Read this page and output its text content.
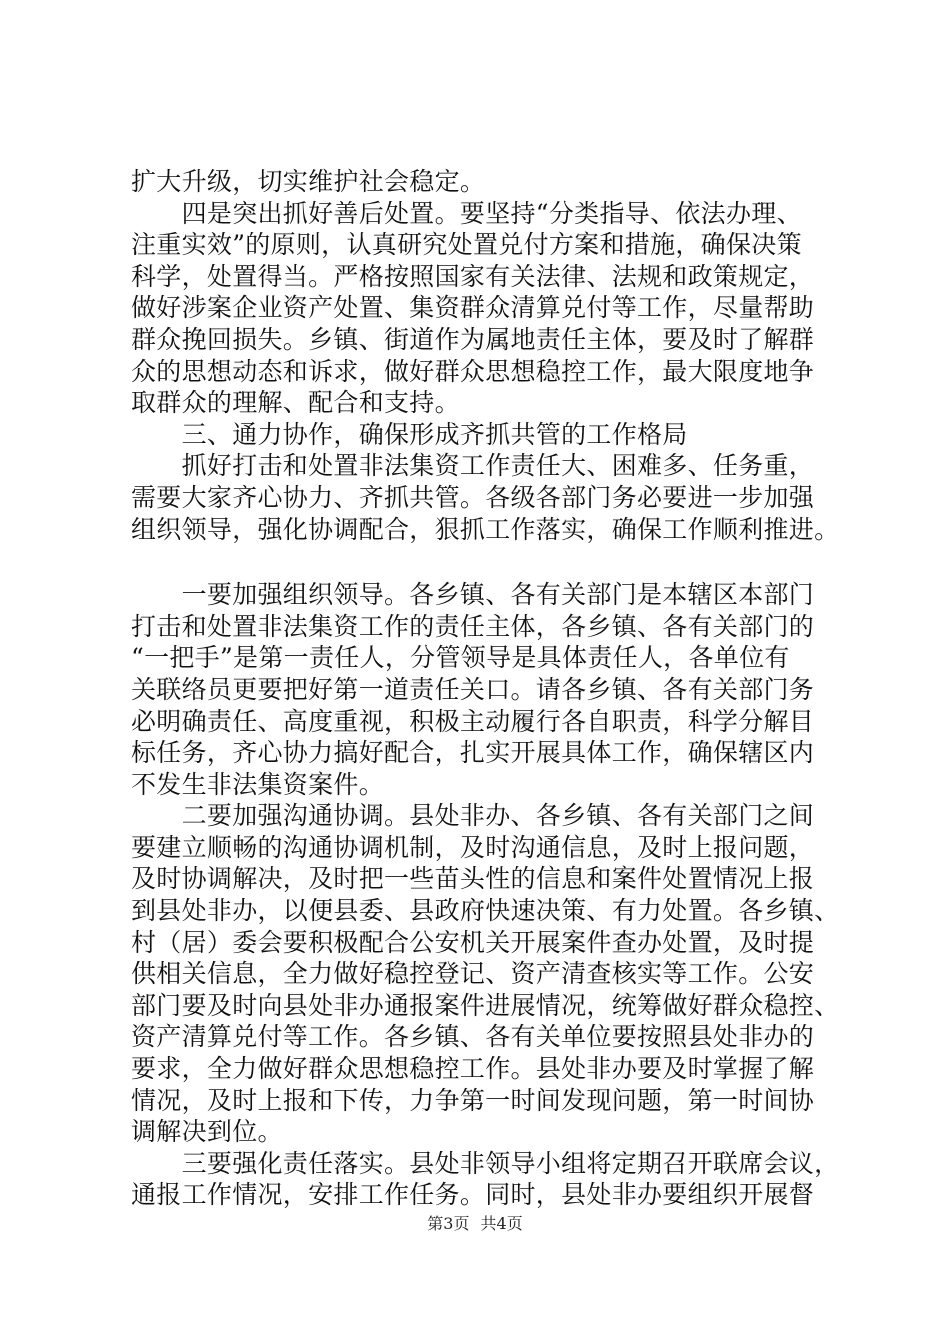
扩大升级，切实维护社会稳定。
　　四是突出抓好善后处置。要坚持“分类指导、依法办理、
注重实效”的原则，认真研究处置兑付方案和措施，确保决策
科学，处置得当。严格按照国家有关法律、法规和政策规定，
做好涉案企业资产处置、集资群众清算兑付等工作，尽量帮助
群众挽回损失。乡镇、街道作为属地责任主体，要及时了解群
众的思想动态和诉求，做好群众思想稳控工作，最大限度地争
取群众的理解、配合和支持。
　　三、通力协作，确保形成齐抓共管的工作格局
　　抓好打击和处置非法集资工作责任大、困难多、任务重，
需要大家齐心协力、齐抓共管。各级各部门务必要进一步加强
组织领导，强化协调配合，狠抓工作落实，确保工作顺利推进。
　　一要加强组织领导。各乡镇、各有关部门是本辖区本部门
打击和处置非法集资工作的责任主体，各乡镇、各有关部门的
“一把手”是第一责任人，分管领导是具体责任人，各单位有
关联络员更要把好第一道责任关口。请各乡镇、各有关部门务
必明确责任、高度重视，积极主动履行各自职责，科学分解目
标任务，齐心协力搞好配合，扎实开展具体工作，确保辖区内
不发生非法集资案件。
　　二要加强沟通协调。县处非办、各乡镇、各有关部门之间
要建立顺畅的沟通协调机制，及时沟通信息，及时上报问题，
及时协调解决，及时把一些苗头性的信息和案件处置情况上报
到县处非办，以便县委、县政府快速决策、有力处置。各乡镇、
村（居）委会要积极配合公安机关开展案件查办处置，及时提
供相关信息，全力做好稳控登记、资产清查核实等工作。公安
部门要及时向县处非办通报案件进展情况，统筹做好群众稳控、
资产清算兑付等工作。各乡镇、各有关单位要按照县处非办的
要求，全力做好群众思想稳控工作。县处非办要及时掌握了解
情况，及时上报和下传，力争第一时间发现问题，第一时间协
调解决到位。
　　三要强化责任落实。县处非领导小组将定期召开联席会议，
通报工作情况，安排工作任务。同时，县处非办要组织开展督
第3页 共4页
